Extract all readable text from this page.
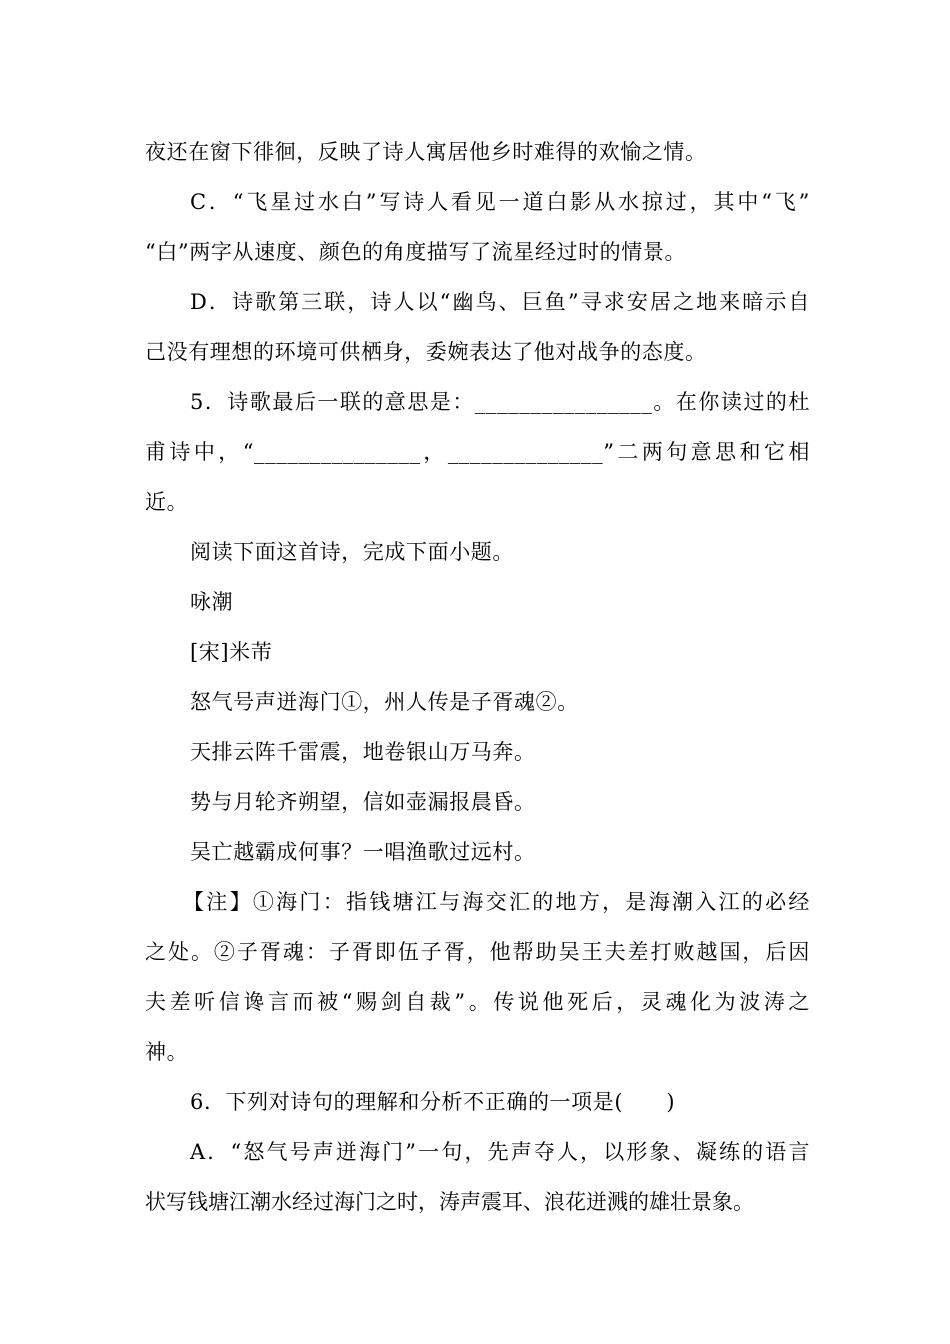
夜还在窗下徘徊，反映了诗人寓居他乡时难得的欢愉之情。
C．“飞星过水白”写诗人看见一道白影从水掠过，其中“飞”
“白”两字从速度、颜色的角度描写了流星经过时的情景。
D．诗歌第三联，诗人以“幽鸟、巨鱼”寻求安居之地来暗示自
己没有理想的环境可供栖身，委婉表达了他对战争的态度。
5．诗歌最后一联的意思是：________________。在你读过的杜
甫诗中，“_______________，______________”二两句意思和它相
近。
阅读下面这首诗，完成下面小题。
咏潮
[宋]米芾
怒气号声迸海门①，州人传是子胥魂②。
天排云阵千雷震，地卷银山万马奔。
势与月轮齐朔望，信如壶漏报晨昏。
吴亡越霸成何事？一唱渔歌过远村。
【注】①海门：指钱塘江与海交汇的地方，是海潮入江的必经
之处。②子胥魂：子胥即伍子胥，他帮助吴王夫差打败越国，后因
夫差听信谗言而被“赐剑自裁”。传说他死后，灵魂化为波涛之
神。
6．下列对诗句的理解和分析不正确的一项是(　　)
A．“怒气号声迸海门”一句，先声夺人，以形象、凝练的语言
状写钱塘江潮水经过海门之时，涛声震耳、浪花迸溅的雄壮景象。
